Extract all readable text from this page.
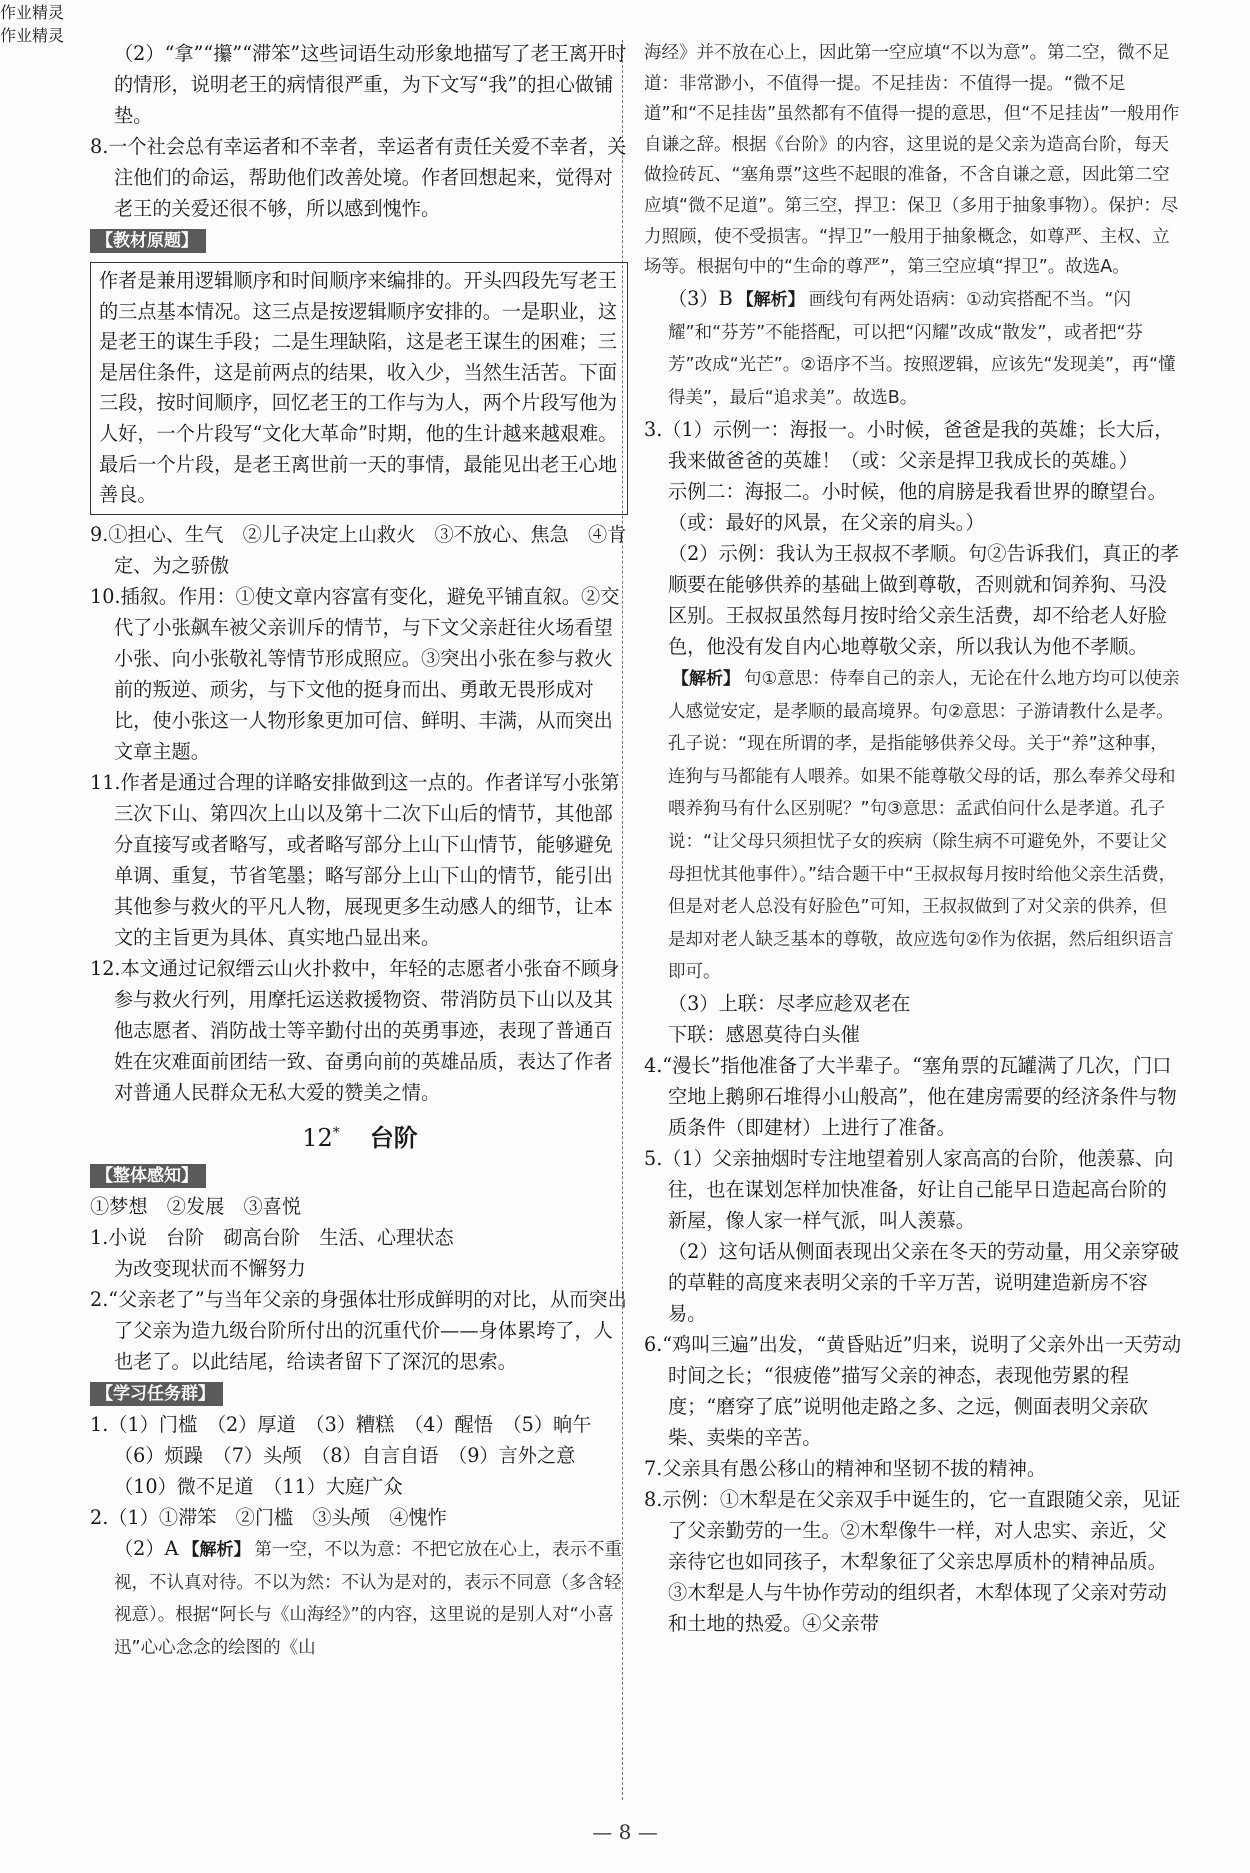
（2）“拿”“攥”“滞笨”这些词语生动形象地描写了老王离开时的情形，说明老王的病情很严重，为下文写“我”的担心做铺垫。

8.一个社会总有幸运者和不幸者，幸运者有责任关爱不幸者，关注他们的命运，帮助他们改善处境。作者回想起来，觉得对老王的关爱还很不够，所以感到愧怍。

【教材原题】

作者是兼用逻辑顺序和时间顺序来编排的。开头四段先写老王的三点基本情况。这三点是按逻辑顺序安排的。一是职业，这是老王的谋生手段；二是生理缺陷，这是老王谋生的困难；三是居住条件，这是前两点的结果，收入少，当然生活苦。下面三段，按时间顺序，回忆老王的工作与为人，两个片段写他为人好，一个片段写“文化大革命”时期，他的生计越来越艰难。最后一个片段，是老王离世前一天的事情，最能见出老王心地善良。

9.①担心、生气　②儿子决定上山救火　③不放心、焦急　④肯定、为之骄傲

10.插叙。作用：①使文章内容富有变化，避免平铺直叙。②交代了小张飙车被父亲训斥的情节，与下文父亲赶往火场看望小张、向小张敬礼等情节形成照应。③突出小张在参与救火前的叛逆、顽劣，与下文他的挺身而出、勇敢无畏形成对比，使小张这一人物形象更加可信、鲜明、丰满，从而突出文章主题。

11.作者是通过合理的详略安排做到这一点的。作者详写小张第三次下山、第四次上山以及第十二次下山后的情节，其他部分直接写或者略写，或者略写部分上山下山情节，能够避免单调、重复，节省笔墨；略写部分上山下山的情节，能引出其他参与救火的平凡人物，展现更多生动感人的细节，让本文的主旨更为具体、真实地凸显出来。

12.本文通过记叙缙云山火扑救中，年轻的志愿者小张奋不顾身参与救火行列，用摩托运送救援物资、带消防员下山以及其他志愿者、消防战士等辛勤付出的英勇事迹，表现了普通百姓在灾难面前团结一致、奋勇向前的英雄品质，表达了作者对普通人民群众无私大爱的赞美之情。

12* 台阶
【整体感知】

①梦想　②发展　③喜悦

1.小说　台阶　砌高台阶　生活、心理状态

为改变现状而不懈努力

2.“父亲老了”与当年父亲的身强体壮形成鲜明的对比，从而突出了父亲为造九级台阶所付出的沉重代价——身体累垮了，人也老了。以此结尾，给读者留下了深沉的思索。

【学习任务群】

1.（1）门槛　（2）厚道　（3）糟糕　（4）醒悟　（5）晌午

（6）烦躁　（7）头颅　（8）自言自语　（9）言外之意

（10）微不足道　（11）大庭广众

2.（1）①滞笨　②门槛　③头颅　④愧怍

（2）A 【解析】 第一空，不以为意：不把它放在心上，表示不重视，不认真对待。不以为然：不认为是对的，表示不同意（多含轻视意）。根据“阿长与《山海经》”的内容，这里说的是别人对“小喜迅”心心念念的绘图的《山

海经》并不放在心上，因此第一空应填“不以为意”。第二空，微不足道：非常渺小，不值得一提。不足挂齿：不值得一提。“微不足道”和“不足挂齿”虽然都有不值得一提的意思，但“不足挂齿”一般用作自谦之辞。根据《台阶》的内容，这里说的是父亲为造高台阶，每天做捡砖瓦、“塞角票”这些不起眼的准备，不含自谦之意，因此第二空应填“微不足道”。第三空，捍卫：保卫（多用于抽象事物）。保护：尽力照顾，使不受损害。“捍卫”一般用于抽象概念，如尊严、主权、立场等。根据句中的“生命的尊严”，第三空应填“捍卫”。故选A。

（3）B 【解析】 画线句有两处语病：①动宾搭配不当。“闪耀”和“芬芳”不能搭配，可以把“闪耀”改成“散发”，或者把“芬芳”改成“光芒”。②语序不当。按照逻辑，应该先“发现美”，再“懂得美”，最后“追求美”。故选B。

3.（1）示例一：海报一。小时候，爸爸是我的英雄；长大后，我来做爸爸的英雄！（或：父亲是捍卫我成长的英雄。）

示例二：海报二。小时候，他的肩膀是我看世界的瞭望台。（或：最好的风景，在父亲的肩头。）

（2）示例：我认为王叔叔不孝顺。句②告诉我们，真正的孝顺要在能够供养的基础上做到尊敬，否则就和饲养狗、马没区别。王叔叔虽然每月按时给父亲生活费，却不给老人好脸色，他没有发自内心地尊敬父亲，所以我认为他不孝顺。

【解析】 句①意思：侍奉自己的亲人，无论在什么地方均可以使亲人感觉安定，是孝顺的最高境界。句②意思：子游请教什么是孝。孔子说：“现在所谓的孝，是指能够供养父母。关于“养”这种事，连狗与马都能有人喂养。如果不能尊敬父母的话，那么奉养父母和喂养狗马有什么区别呢？”句③意思：孟武伯问什么是孝道。孔子说：“让父母只须担忧子女的疾病（除生病不可避免外，不要让父母担忧其他事件）。”结合题干中“王叔叔每月按时给他父亲生活费，但是对老人总没有好脸色”可知，王叔叔做到了对父亲的供养，但是却对老人缺乏基本的尊敬，故应选句②作为依据，然后组织语言即可。

（3）上联：尽孝应趁双老在

下联：感恩莫待白头催

4.“漫长”指他准备了大半辈子。“塞角票的瓦罐满了几次，门口空地上鹅卵石堆得小山般高”，他在建房需要的经济条件与物质条件（即建材）上进行了准备。

5.（1）父亲抽烟时专注地望着别人家高高的台阶，他羡慕、向往，也在谋划怎样加快准备，好让自己能早日造起高台阶的新屋，像人家一样气派，叫人羡慕。

（2）这句话从侧面表现出父亲在冬天的劳动量，用父亲穿破的草鞋的高度来表明父亲的千辛万苦，说明建造新房不容易。

6.“鸡叫三遍”出发，“黄昏贴近”归来，说明了父亲外出一天劳动时间之长；“很疲倦”描写父亲的神态，表现他劳累的程度；“磨穿了底”说明他走路之多、之远，侧面表明父亲砍柴、卖柴的辛苦。

7.父亲具有愚公移山的精神和坚韧不拔的精神。

8.示例：①木犁是在父亲双手中诞生的，它一直跟随父亲，见证了父亲勤劳的一生。②木犁像牛一样，对人忠实、亲近，父亲待它也如同孩子，木犁象征了父亲忠厚质朴的精神品质。③木犁是人与牛协作劳动的组织者，木犁体现了父亲对劳动和土地的热爱。④父亲带

作业精灵
作业精灵
— 8 —
